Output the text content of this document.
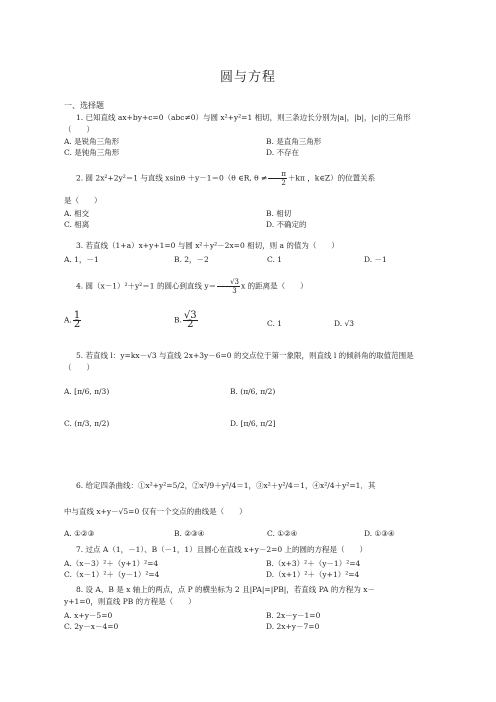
圆与方程
一、选择题
1. 已知直线 ax+by+c=0（abc≠0）与圆 x²+y²=1 相切，则三条边长分别为|a|，|b|，|c|的三角形（　　）
A. 是锐角三角形	B. 是直角三角形
C. 是钝角三角形	D. 不存在
2. 圆 2x²+2y²＝1 与直线 xsinθ ＋y－1＝0（θ ∈R, $\theta \ne \frac{\pi}{2} +k\pi$ ，k∈Z）的位置关系
是（　　）
A. 相交	B. 相切
C. 相离	D. 不确定的
3. 若直线（1+a）x+y+1=0 与圆 x²＋y²－2x=0 相切，则 a 的值为（　　）
A. 1，－1	B. 2，－2	C. 1	D. －1
4. 圆（x－1）²＋y²＝1 的圆心到直线 $y= \frac{√3}{3}$ x 的距离是（　　）
A. $\frac{1}{2}$	B. $\frac{√3}{2}$	C. 1	D. √3
5. 若直线 l：y=kx－√3 与直线 2x+3y－6=0 的交点位于第一象限，则直线 l 的倾斜角的取值范围是（　　）
A. [π/6, π/3)	B. (π/6, π/2)
C. (π/3, π/2)	D. [π/6, π/2]
6. 给定四条曲线：①x²+y²=5/2，②x²/9＋y²/4＝1，③x²＋y²/4＝1，④x²/4＋y²=1．其
中与直线 x+y－√5=0 仅有一个交点的曲线是（　　）
A. ①②③	B. ②③④	C. ①②④	D. ①③④
7. 过点 A（1，－1）、B（－1，1）且圆心在直线 x+y－2=0 上的圆的方程是（　　）
A.（x－3）²＋（y+1）²=4	B.（x+3）²＋（y－1）²=4
C.（x－1）²＋（y－1）²=4	D.（x+1）²＋（y+1）²=4
8. 设 A、B 是 x 轴上的两点，点 P 的横坐标为 2 且|PA|=|PB|，若直线 PA 的方程为 x－
y+1=0，则直线 PB 的方程是（　　）
A. x+y－5=0	B. 2x－y－1=0
C. 2y－x－4=0	D. 2x+y－7=0
